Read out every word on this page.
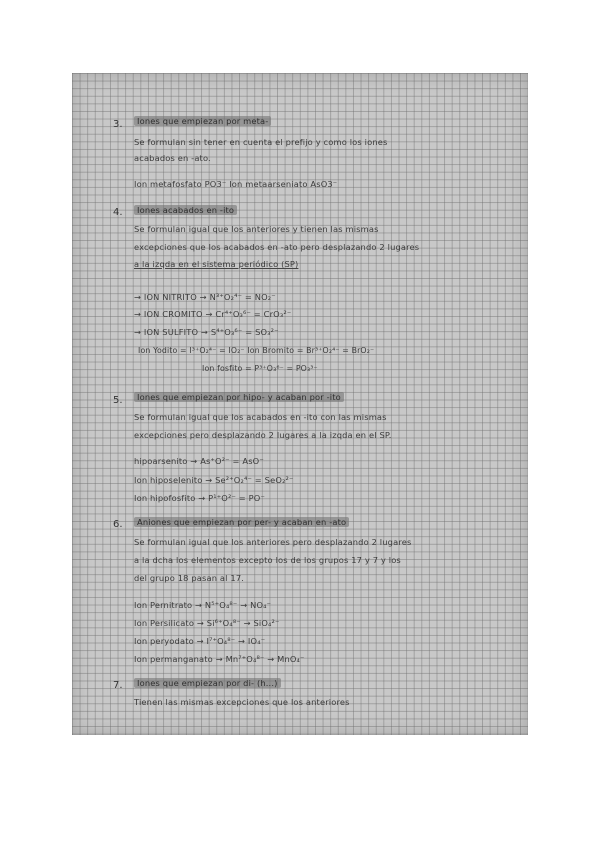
3.	Iones que empiezan por meta-
Se formulan sin tener en cuenta el prefijo y como los iones
acabados en -ato.
Ion metafosfato PO3⁻ Ion metaarseniato AsO3⁻
4.	Iones acabados en -ito
Se formulan igual que los anteriores y tienen las mismas
excepciones que los acabados en -ato pero desplazando 2 lugares
a la izqda en el sistema periódico (SP)
→ ION NITRITO → N³⁺O₂⁴⁻ = NO₂⁻
→ ION CROMITO → Cr⁴⁺O₃⁶⁻ = CrO₃²⁻
→ ION SULFITO → S⁴⁺O₃⁶⁻ = SO₃²⁻
Ion Yodito = I³⁺O₂⁴⁻ = IO₂⁻ Ion Bromito = Br³⁺O₂⁴⁻ = BrO₂⁻
Ion fosfito = P³⁺O₃⁶⁻ = PO₃³⁻
5.	Iones que empiezan por hipo- y acaban por -ito
Se formulan igual que los acabados en -ito con las mismas
excepciones pero desplazando 2 lugares a la izqda en el SP.
hipoarsenito → As⁺O²⁻ = AsO⁻
Ion hiposelenito → Se²⁺O₂⁴⁻ = SeO₂²⁻
Ion hipofosfito → P¹⁺O²⁻ = PO⁻
6.	Aniones que empiezan por per- y acaban en -ato
Se formulan igual que los anteriores pero desplazando 2 lugares
a la dcha los elementos excepto los de los grupos 17 y 7 y los
del grupo 18 pasan al 17.
Ion Pernitrato → N⁵⁺O₄⁸⁻ → NO₄⁻
Ion Persilicato → Si⁶⁺O₄⁸⁻ → SiO₄²⁻
Ion peryodato → I⁷⁺O₄⁸⁻ → IO₄⁻
Ion permanganato → Mn⁷⁺O₄⁸⁻ → MnO₄⁻
7.	Iones que empiezan por di- (h...)
Tienen las mismas excepciones que los anteriores
